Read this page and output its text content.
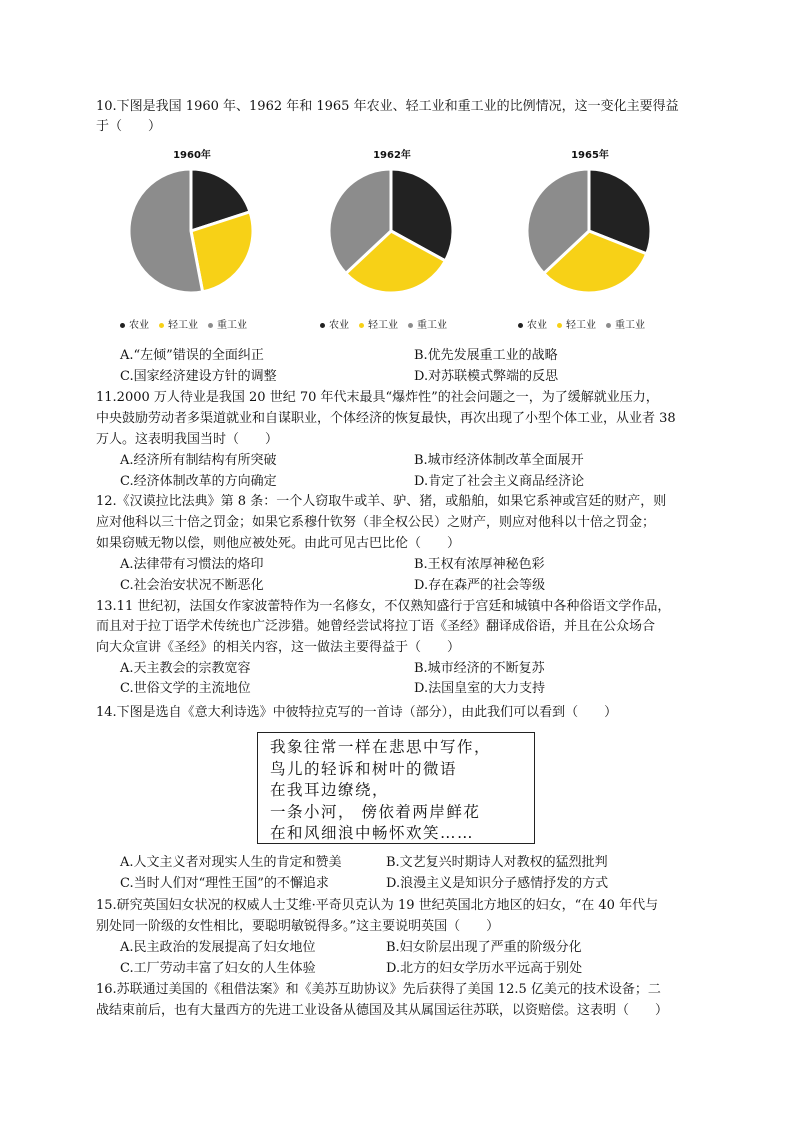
10.下图是我国 1960 年、1962 年和 1965 年农业、轻工业和重工业的比例情况，这一变化主要得益
于（　　）
1960年
农业 轻工业 重工业
1962年
农业 轻工业 重工业
1965年
农业 轻工业 重工业
A.“左倾”错误的全面纠正	B.优先发展重工业的战略
C.国家经济建设方针的调整	D.对苏联模式弊端的反思
11.2000 万人待业是我国 20 世纪 70 年代末最具“爆炸性”的社会问题之一，为了缓解就业压力，
中央鼓励劳动者多渠道就业和自谋职业，个体经济的恢复最快，再次出现了小型个体工业，从业者 38
万人。这表明我国当时（　　）
A.经济所有制结构有所突破	B.城市经济体制改革全面展开
C.经济体制改革的方向确定	D.肯定了社会主义商品经济论
12.《汉谟拉比法典》第 8 条：一个人窃取牛或羊、驴、猪，或船舶，如果它系神或宫廷的财产，则
应对他科以三十倍之罚金；如果它系穆什钦努（非全权公民）之财产，则应对他科以十倍之罚金；
如果窃贼无物以偿，则他应被处死。由此可见古巴比伦（　　）
A.法律带有习惯法的烙印	B.王权有浓厚神秘色彩
C.社会治安状况不断恶化	D.存在森严的社会等级
13.11 世纪初，法国女作家波蕾特作为一名修女，不仅熟知盛行于宫廷和城镇中各种俗语文学作品，
而且对于拉丁语学术传统也广泛涉猎。她曾经尝试将拉丁语《圣经》翻译成俗语，并且在公众场合
向大众宣讲《圣经》的相关内容，这一做法主要得益于（　　）
A.天主教会的宗教宽容	B.城市经济的不断复苏
C.世俗文学的主流地位	D.法国皇室的大力支持
14.下图是选自《意大利诗选》中彼特拉克写的一首诗（部分），由此我们可以看到（　　）
我象往常一样在悲思中写作，
鸟儿的轻诉和树叶的微语
在我耳边缭绕，
一条小河， 傍依着两岸鲜花
在和风细浪中畅怀欢笑……
A.人文主义者对现实人生的肯定和赞美	B.文艺复兴时期诗人对教权的猛烈批判
C.当时人们对“理性王国”的不懈追求	D.浪漫主义是知识分子感情抒发的方式
15.研究英国妇女状况的权威人士艾维·平奇贝克认为 19 世纪英国北方地区的妇女，“在 40 年代与
别处同一阶级的女性相比，要聪明敏锐得多。”这主要说明英国（　　）
A.民主政治的发展提高了妇女地位	B.妇女阶层出现了严重的阶级分化
C.工厂劳动丰富了妇女的人生体验	D.北方的妇女学历水平远高于别处
16.苏联通过美国的《租借法案》和《美苏互助协议》先后获得了美国 12.5 亿美元的技术设备；二
战结束前后，也有大量西方的先进工业设备从德国及其从属国运往苏联，以资赔偿。这表明（　　）
